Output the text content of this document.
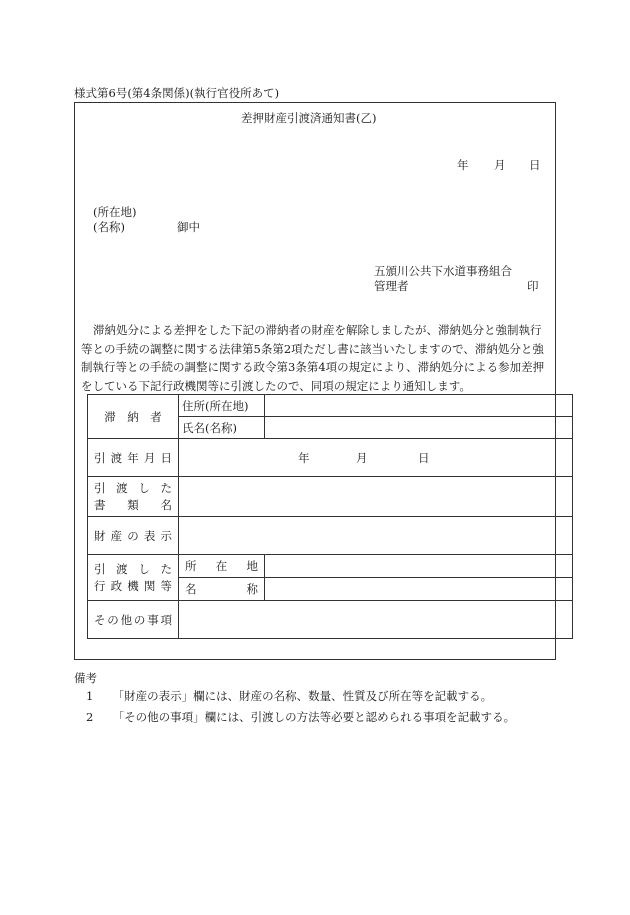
様式第6号(第4条関係)(執行官役所あて)
差押財産引渡済通知書(乙)
年 月 日
(所在地)
(名称)	御中
五頒川公共下水道事務組合
管理者	印
滞納処分による差押をした下記の滞納者の財産を解除しましたが、滞納処分と強制執行等との手続の調整に関する法律第5条第2項ただし書に該当いたしますので、滞納処分と強制執行等との手続の調整に関する政令第3条第4項の規定により、滞納処分による参加差押をしている下記行政機関等に引渡したので、同項の規定により通知します。
滞　納　者	住所(所在地)	
	氏名(名称)	
引渡年月日	年 月 日	

引渡した
書　類　名		

財産の表示		

引渡した
行政機関等	所　在　地	
	名　称	
その他の事項		
備考
1 「財産の表示」欄には、財産の名称、数量、性質及び所在等を記載する。
2 「その他の事項」欄には、引渡しの方法等必要と認められる事項を記載する。
